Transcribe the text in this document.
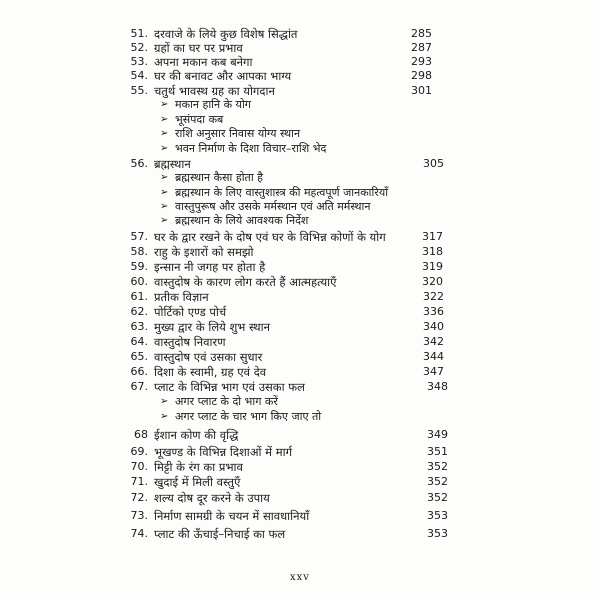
51. दरवाजे के लिये कुछ विशेष सिद्धांत	285
52. ग्रहों का घर पर प्रभाव	287
53. अपना मकान कब बनेगा	293
54. घर की बनावट और आपका भाग्य	298
55. चतुर्थ भावस्थ ग्रह का योगदान	301
➢ मकान हानि के योग
➢ भूसंपदा कब
➢ राशि अनुसार निवास योग्य स्थान
➢ भवन निर्माण के दिशा विचार–राशि भेद
56. ब्रह्मस्थान	305
➢ ब्रह्मस्थान कैसा होता है
➢ ब्रह्मस्थान के लिए वास्तुशास्त्र की महत्वपूर्ण जानकारियाँ
➢ वास्तुपुरूष और उसके मर्मस्थान एवं अति मर्मस्थान
➢ ब्रह्मस्थान के लिये आवश्यक निर्देश
57. घर के द्वार रखने के दोष एवं घर के विभिन्न कोणों के योग	317
58. राहु के इशारों को समझो	318
59. इन्सान नी जगह पर होता है	319
60. वास्तुदोष के कारण लोग करते हैं आत्महत्याएँ	320
61. प्रतीक विज्ञान	322
62. पोर्टिको एण्ड पोर्च	336
63. मुख्य द्वार के लिये शुभ स्थान	340
64. वास्तुदोष निवारण	342
65. वास्तुदोष एवं उसका सुधार	344
66. दिशा के स्वामी, ग्रह एवं देव	347
67. प्लाट के विभिन्न भाग एवं उसका फल	348
➢ अगर प्लाट के दो भाग करें
➢ अगर प्लाट के चार भाग किए जाए तो
68 ईशान कोण की वृद्धि	349
69. भूखण्ड के विभिन्न दिशाओं में मार्ग	351
70. मिट्टी के रंग का प्रभाव	352
71. खुदाई में मिली वस्तुएँ	352
72. शल्य दोष दूर करने के उपाय	352
73. निर्माण सामग्री के चयन में सावधानियाँ	353
74. प्लाट की ऊँचाई–निचाई का फल	353
xxv
